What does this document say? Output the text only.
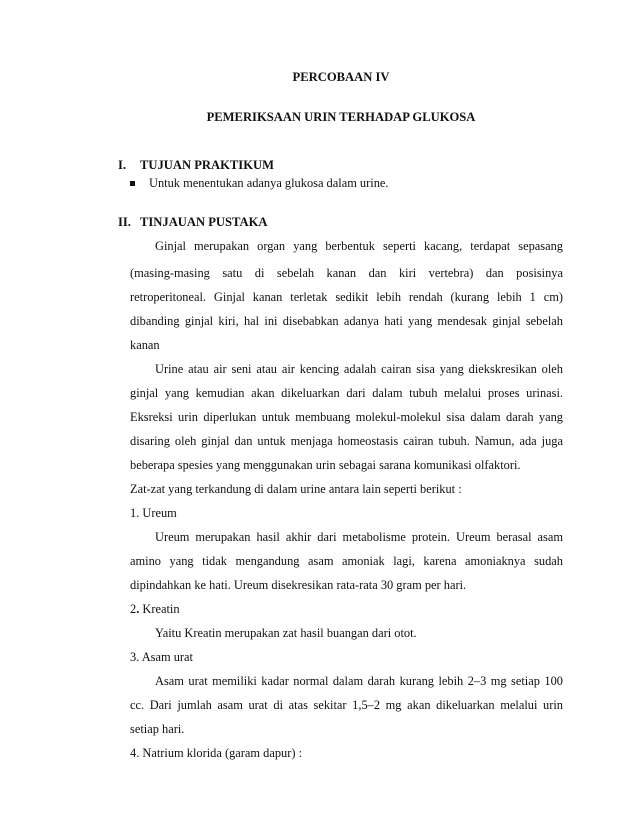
PERCOBAAN IV
PEMERIKSAAN URIN TERHADAP GLUKOSA
I. TUJUAN PRAKTIKUM
Untuk menentukan adanya glukosa dalam urine.
II. TINJAUAN PUSTAKA
Ginjal merupakan organ yang berbentuk seperti kacang, terdapat sepasang
(masing-masing satu di sebelah kanan dan kiri vertebra) dan posisinya
retroperitoneal. Ginjal kanan terletak sedikit lebih rendah (kurang lebih 1 cm)
dibanding ginjal kiri, hal ini disebabkan adanya hati yang mendesak ginjal sebelah
kanan
Urine atau air seni atau air kencing adalah cairan sisa yang diekskresikan oleh
ginjal yang kemudian akan dikeluarkan dari dalam tubuh melalui proses urinasi.
Eksreksi urin diperlukan untuk membuang molekul-molekul sisa dalam darah yang
disaring oleh ginjal dan untuk menjaga homeostasis cairan tubuh. Namun, ada juga
beberapa spesies yang menggunakan urin sebagai sarana komunikasi olfaktori.
Zat-zat yang terkandung di dalam urine antara lain seperti berikut :
1. Ureum
Ureum merupakan hasil akhir dari metabolisme protein. Ureum berasal asam
amino yang tidak mengandung asam amoniak lagi, karena amoniaknya sudah
dipindahkan ke hati. Ureum disekresikan rata-rata 30 gram per hari.
2. Kreatin
Yaitu Kreatin merupakan zat hasil buangan dari otot.
3. Asam urat
Asam urat memiliki kadar normal dalam darah kurang lebih 2–3 mg setiap 100
cc. Dari jumlah asam urat di atas sekitar 1,5–2 mg akan dikeluarkan melalui urin
setiap hari.
4. Natrium klorida (garam dapur) :
